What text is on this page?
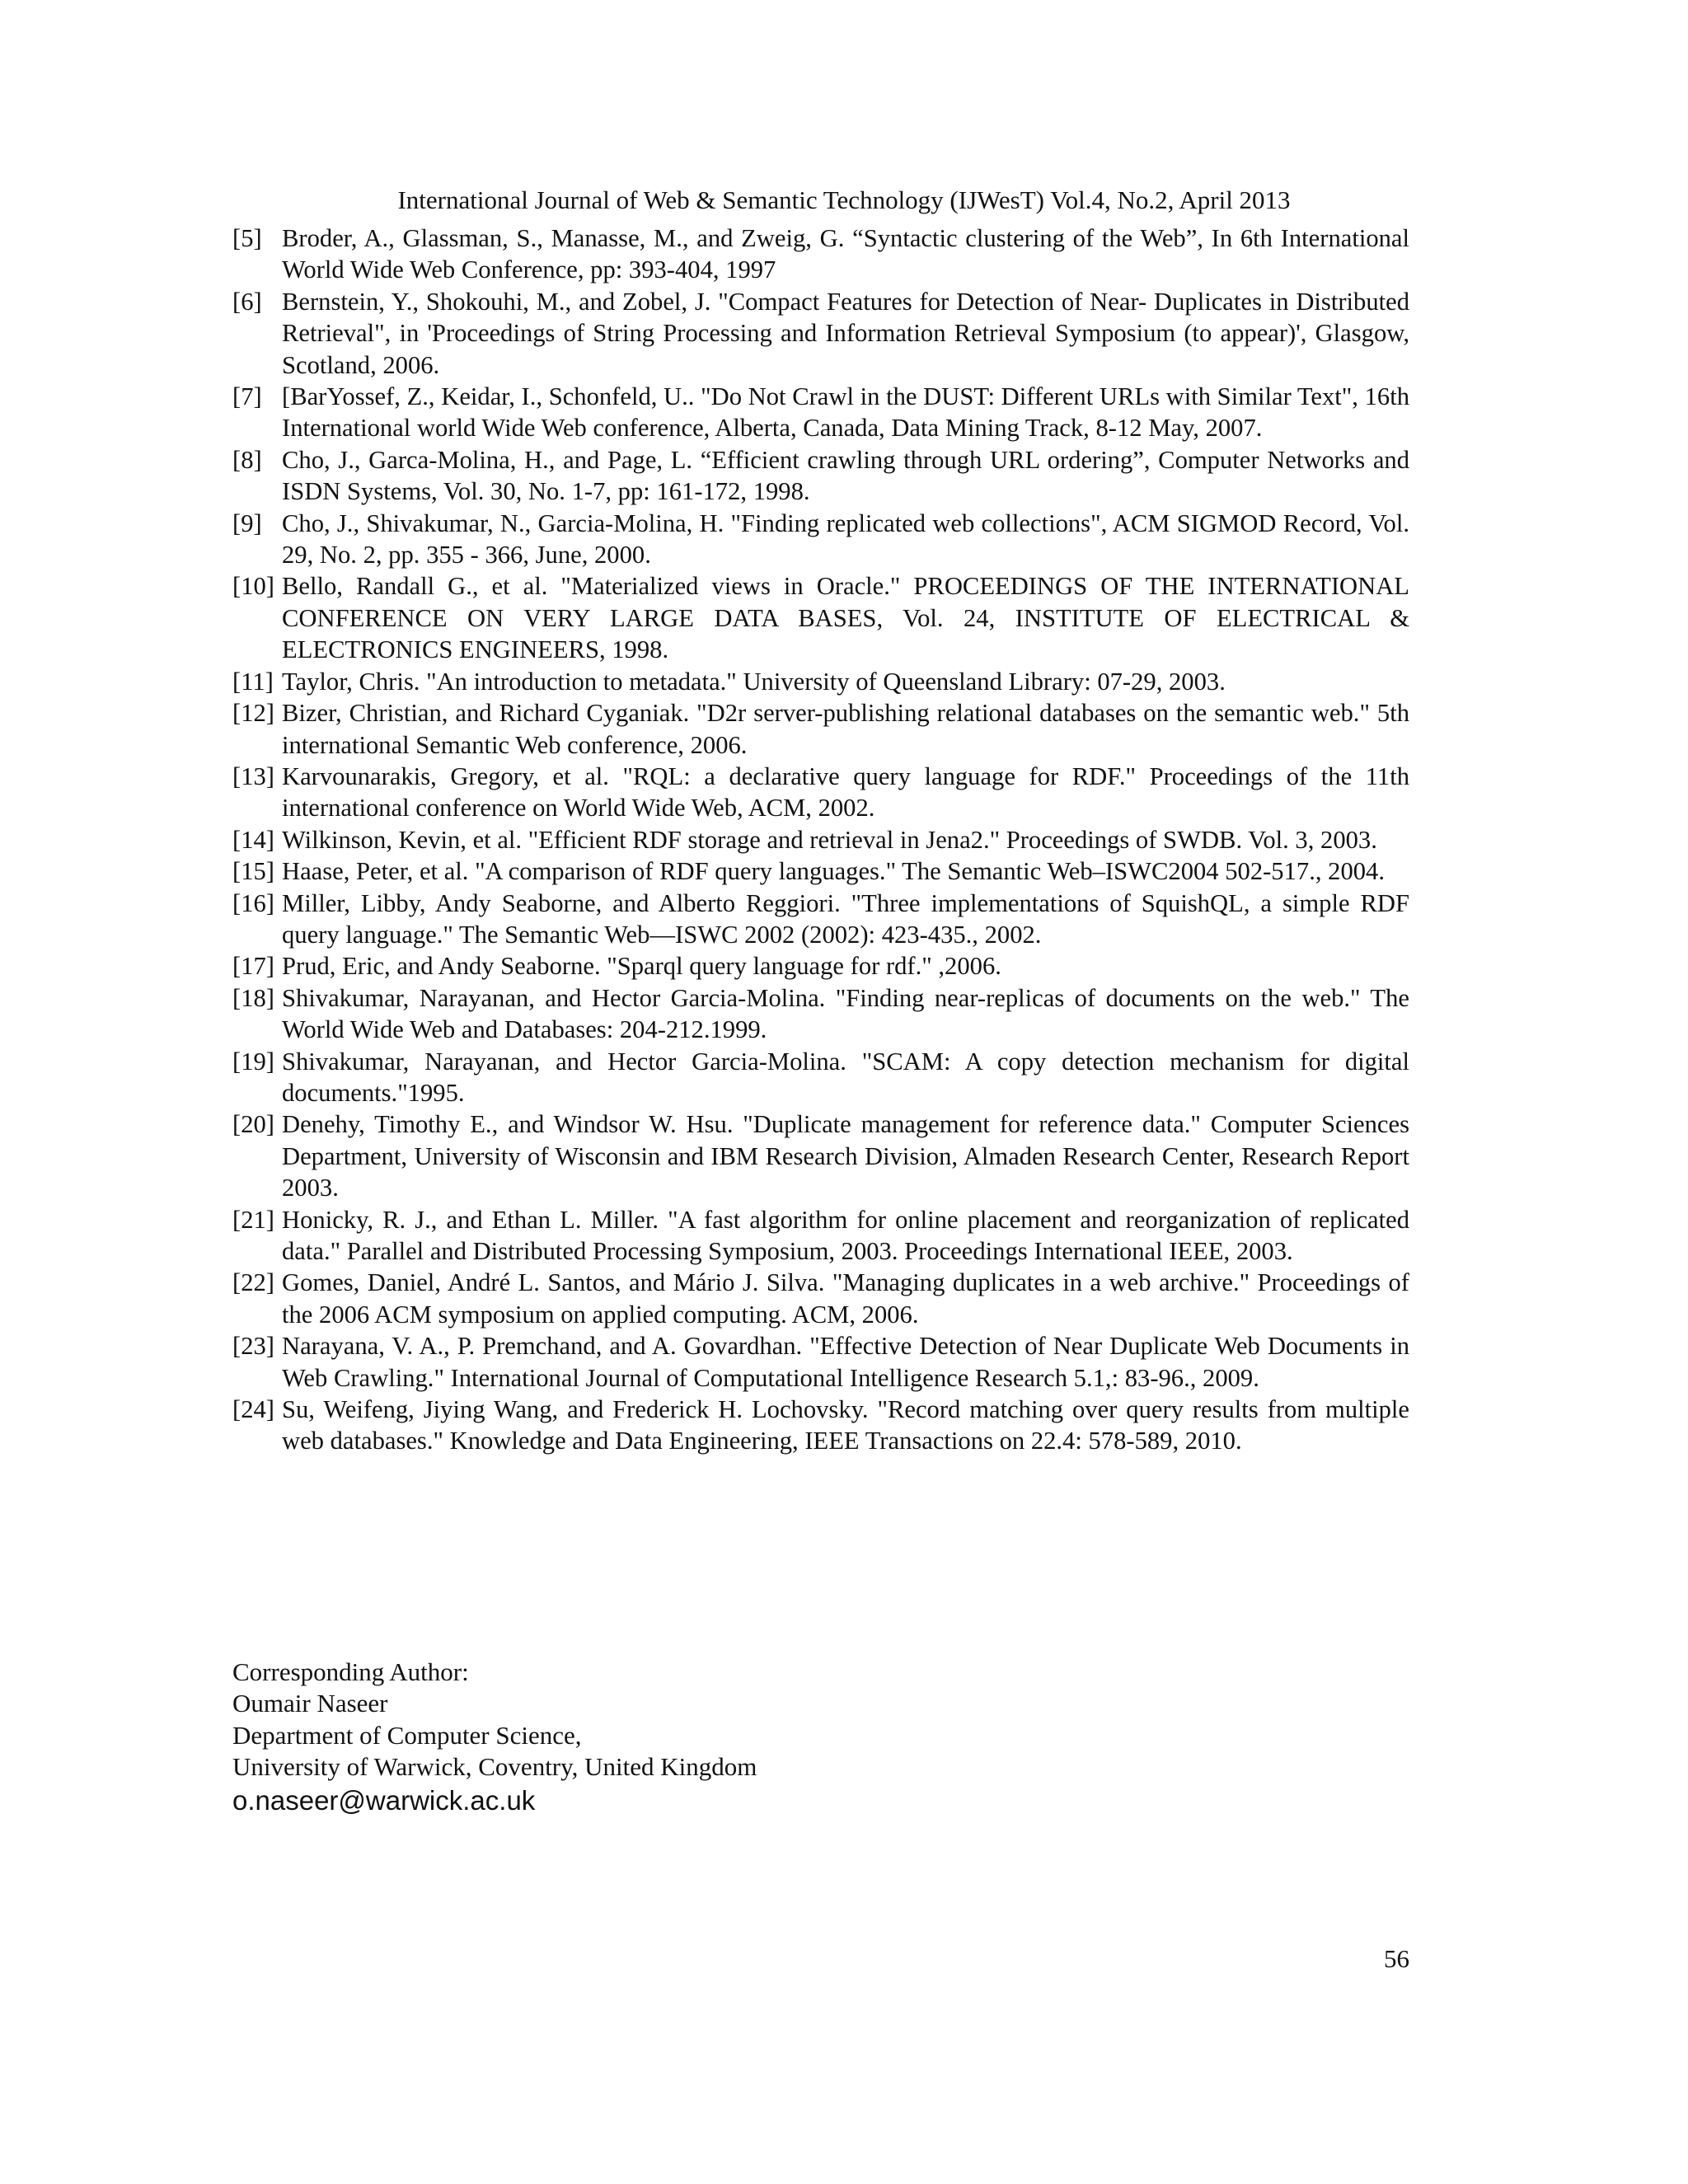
International Journal of Web & Semantic Technology (IJWesT) Vol.4, No.2, April 2013
[5] Broder, A., Glassman, S., Manasse, M., and Zweig, G. “Syntactic clustering of the Web”, In 6th International World Wide Web Conference, pp: 393-404, 1997
[6] Bernstein, Y., Shokouhi, M., and Zobel, J. "Compact Features for Detection of Near- Duplicates in Distributed Retrieval", in 'Proceedings of String Processing and Information Retrieval Symposium (to appear)', Glasgow, Scotland, 2006.
[7] [BarYossef, Z., Keidar, I., Schonfeld, U.. "Do Not Crawl in the DUST: Different URLs with Similar Text", 16th International world Wide Web conference, Alberta, Canada, Data Mining Track, 8-12 May, 2007.
[8] Cho, J., Garca-Molina, H., and Page, L. “Efficient crawling through URL ordering”, Computer Networks and ISDN Systems, Vol. 30, No. 1-7, pp: 161-172, 1998.
[9] Cho, J., Shivakumar, N., Garcia-Molina, H. "Finding replicated web collections", ACM SIGMOD Record, Vol. 29, No. 2, pp. 355 - 366, June, 2000.
[10] Bello, Randall G., et al. "Materialized views in Oracle." PROCEEDINGS OF THE INTERNATIONAL CONFERENCE ON VERY LARGE DATA BASES, Vol. 24, INSTITUTE OF ELECTRICAL & ELECTRONICS ENGINEERS, 1998.
[11] Taylor, Chris. "An introduction to metadata." University of Queensland Library: 07-29, 2003.
[12] Bizer, Christian, and Richard Cyganiak. "D2r server-publishing relational databases on the semantic web." 5th international Semantic Web conference, 2006.
[13] Karvounarakis, Gregory, et al. "RQL: a declarative query language for RDF." Proceedings of the 11th international conference on World Wide Web, ACM, 2002.
[14] Wilkinson, Kevin, et al. "Efficient RDF storage and retrieval in Jena2." Proceedings of SWDB. Vol. 3, 2003.
[15] Haase, Peter, et al. "A comparison of RDF query languages." The Semantic Web–ISWC2004 502-517., 2004.
[16] Miller, Libby, Andy Seaborne, and Alberto Reggiori. "Three implementations of SquishQL, a simple RDF query language." The Semantic Web—ISWC 2002 (2002): 423-435., 2002.
[17] Prud, Eric, and Andy Seaborne. "Sparql query language for rdf." ,2006.
[18] Shivakumar, Narayanan, and Hector Garcia-Molina. "Finding near-replicas of documents on the web." The World Wide Web and Databases: 204-212.1999.
[19] Shivakumar, Narayanan, and Hector Garcia-Molina. "SCAM: A copy detection mechanism for digital documents."1995.
[20] Denehy, Timothy E., and Windsor W. Hsu. "Duplicate management for reference data." Computer Sciences Department, University of Wisconsin and IBM Research Division, Almaden Research Center, Research Report 2003.
[21] Honicky, R. J., and Ethan L. Miller. "A fast algorithm for online placement and reorganization of replicated data." Parallel and Distributed Processing Symposium, 2003. Proceedings International IEEE, 2003.
[22] Gomes, Daniel, André L. Santos, and Mário J. Silva. "Managing duplicates in a web archive." Proceedings of the 2006 ACM symposium on applied computing. ACM, 2006.
[23] Narayana, V. A., P. Premchand, and A. Govardhan. "Effective Detection of Near Duplicate Web Documents in Web Crawling." International Journal of Computational Intelligence Research 5.1,: 83-96., 2009.
[24] Su, Weifeng, Jiying Wang, and Frederick H. Lochovsky. "Record matching over query results from multiple web databases." Knowledge and Data Engineering, IEEE Transactions on 22.4: 578-589, 2010.
Corresponding Author:
Oumair Naseer
Department of Computer Science,
University of Warwick, Coventry, United Kingdom
o.naseer@warwick.ac.uk
56
